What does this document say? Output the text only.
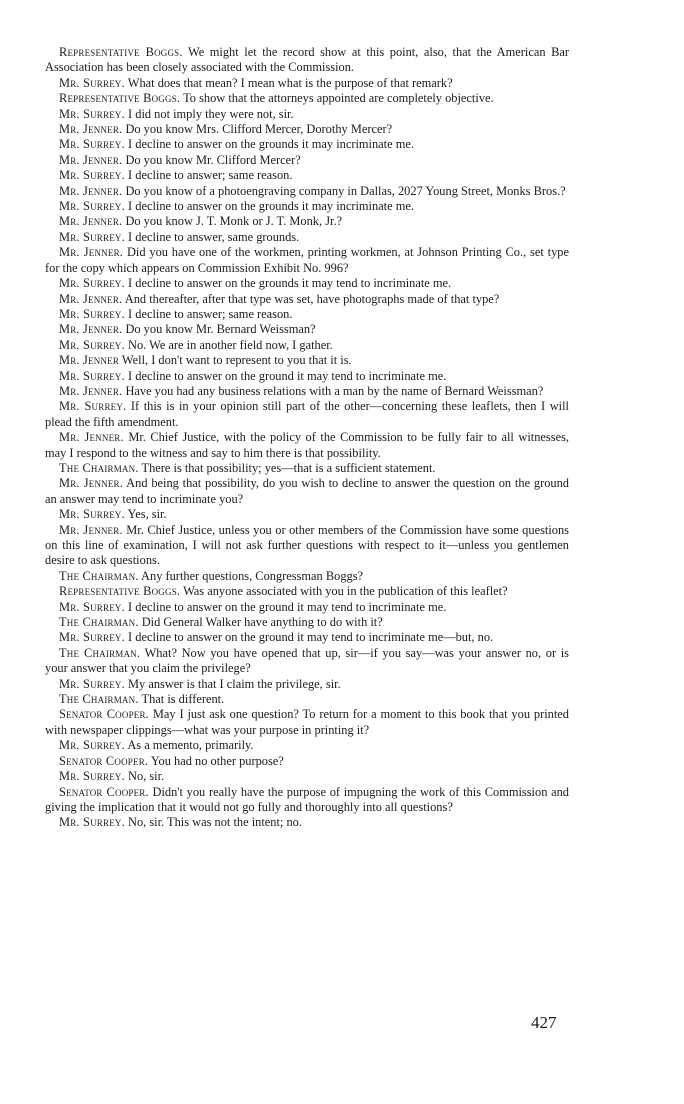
Representative Boggs. We might let the record show at this point, also, that the American Bar Association has been closely associated with the Commission.

Mr. Surrey. What does that mean? I mean what is the purpose of that remark?

Representative Boggs. To show that the attorneys appointed are completely objective.

Mr. Surrey. I did not imply they were not, sir.

Mr. Jenner. Do you know Mrs. Clifford Mercer, Dorothy Mercer?

Mr. Surrey. I decline to answer on the grounds it may incriminate me.

Mr. Jenner. Do you know Mr. Clifford Mercer?

Mr. Surrey. I decline to answer; same reason.

Mr. Jenner. Do you know of a photoengraving company in Dallas, 2027 Young Street, Monks Bros.?

Mr. Surrey. I decline to answer on the grounds it may incriminate me.

Mr. Jenner. Do you know J. T. Monk or J. T. Monk, Jr.?

Mr. Surrey. I decline to answer, same grounds.

Mr. Jenner. Did you have one of the workmen, printing workmen, at Johnson Printing Co., set type for the copy which appears on Commission Exhibit No. 996?

Mr. Surrey. I decline to answer on the grounds it may tend to incriminate me.

Mr. Jenner. And thereafter, after that type was set, have photographs made of that type?

Mr. Surrey. I decline to answer; same reason.

Mr. Jenner. Do you know Mr. Bernard Weissman?

Mr. Surrey. No. We are in another field now, I gather.

Mr. Jenner Well, I don't want to represent to you that it is.

Mr. Surrey. I decline to answer on the ground it may tend to incriminate me.

Mr. Jenner. Have you had any business relations with a man by the name of Bernard Weissman?

Mr. Surrey. If this is in your opinion still part of the other—concerning these leaflets, then I will plead the fifth amendment.

Mr. Jenner. Mr. Chief Justice, with the policy of the Commission to be fully fair to all witnesses, may I respond to the witness and say to him there is that possibility.

The Chairman. There is that possibility; yes—that is a sufficient statement.

Mr. Jenner. And being that possibility, do you wish to decline to answer the question on the ground an answer may tend to incriminate you?

Mr. Surrey. Yes, sir.

Mr. Jenner. Mr. Chief Justice, unless you or other members of the Commission have some questions on this line of examination, I will not ask further questions with respect to it—unless you gentlemen desire to ask questions.

The Chairman. Any further questions, Congressman Boggs?

Representative Boggs. Was anyone associated with you in the publication of this leaflet?

Mr. Surrey. I decline to answer on the ground it may tend to incriminate me.

The Chairman. Did General Walker have anything to do with it?

Mr. Surrey. I decline to answer on the ground it may tend to incriminate me—but, no.

The Chairman. What? Now you have opened that up, sir—if you say—was your answer no, or is your answer that you claim the privilege?

Mr. Surrey. My answer is that I claim the privilege, sir.

The Chairman. That is different.

Senator Cooper. May I just ask one question? To return for a moment to this book that you printed with newspaper clippings—what was your purpose in printing it?

Mr. Surrey. As a memento, primarily.

Senator Cooper. You had no other purpose?

Mr. Surrey. No, sir.

Senator Cooper. Didn't you really have the purpose of impugning the work of this Commission and giving the implication that it would not go fully and thoroughly into all questions?

Mr. Surrey. No, sir. This was not the intent; no.

427
